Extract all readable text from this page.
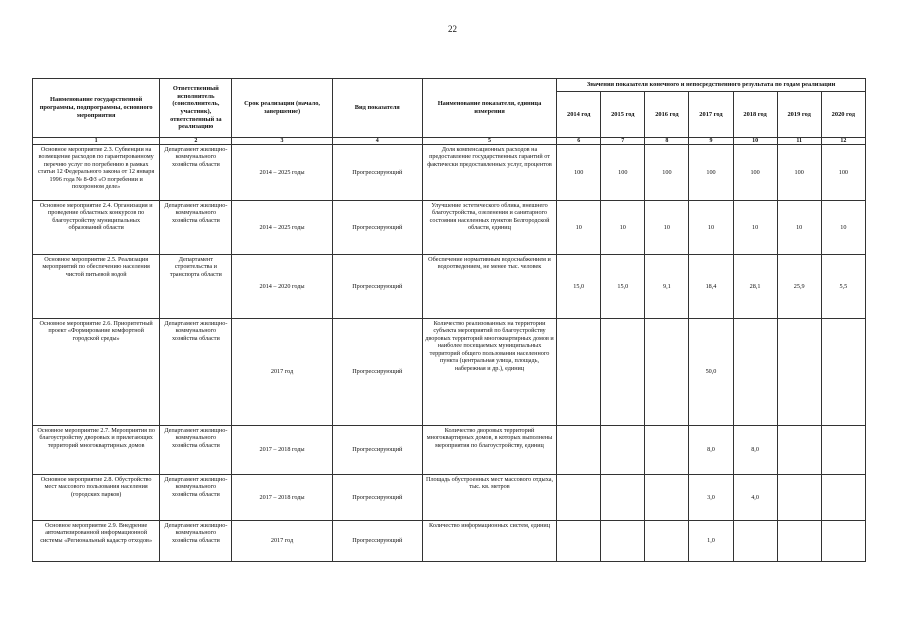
22
Наименование государственной программы, подпрограммы, основного мероприятия	Ответственный исполнитель (соисполнитель, участник), ответственный за реализацию	Срок реализации (начало, завершение)	Вид показателя	Наименование показателя, единица измерения	Значения показателя конечного и непосредственного результата по годам реализации						
					2014 год	2015 год	2016 год	2017 год	2018 год	2019 год	2020 год
1	2	3	4	5	6	7	8	9	10	11	12
Основное мероприятие 2.3. Субвенции на возмещение расходов по гарантированному перечню услуг по погребению в рамках статьи 12 Федерального закона от 12 января 1996 года № 8-ФЗ «О погребении и похоронном деле»	Департамент жилищно-коммунального хозяйства области	2014 – 2025 годы	Прогрессирующий	Доля компенсационных расходов на предоставление государственных гарантий от фактически предоставленных услуг, процентов	100	100	100	100	100	100	100
Основное мероприятие 2.4. Организация и проведение областных конкурсов по благоустройству муниципальных образований области	Департамент жилищно-коммунального хозяйства области	2014 – 2025 годы	Прогрессирующий	Улучшение эстетического облика, внешнего благоустройства, озеленения и санитарного состояния населенных пунктов Белгородской области, единиц	10	10	10	10	10	10	10
Основное мероприятие 2.5. Реализация мероприятий по обеспечению населения чистой питьевой водой	Департамент строительства и транспорта области	2014 – 2020 годы	Прогрессирующий	Обеспечение нормативным водоснабжением и водоотведением, не менее тыс. человек	15,0	15,0	9,1	18,4	28,1	25,9	5,5
Основное мероприятие 2.6. Приоритетный проект «Формирование комфортной городской среды»	Департамент жилищно-коммунального хозяйства области	2017 год	Прогрессирующий	Количество реализованных на территории субъекта мероприятий по благоустройству дворовых территорий многоквартирных домов и наиболее посещаемых муниципальных территорий общего пользования населенного пункта (центральная улица, площадь, набережная и др.), единиц				50,0			
Основное мероприятие 2.7. Мероприятия по благоустройству дворовых и прилегающих территорий многоквартирных домов	Департамент жилищно-коммунального хозяйства области	2017 – 2018 годы	Прогрессирующий	Количество дворовых территорий многоквартирных домов, в которых выполнены мероприятия по благоустройству, единиц				8,0	8,0		
Основное мероприятие 2.8. Обустройство мест массового пользования населения (городских парков)	Департамент жилищно-коммунального хозяйства области	2017 – 2018 годы	Прогрессирующий	Площадь обустроенных мест массового отдыха, тыс. кв. метров				3,0	4,0		
Основное мероприятие 2.9. Внедрение автоматизированной информационной системы «Региональный кадастр отходов»	Департамент жилищно-коммунального хозяйства области	2017 год	Прогрессирующий	Количество информационных систем, единиц				1,0			
